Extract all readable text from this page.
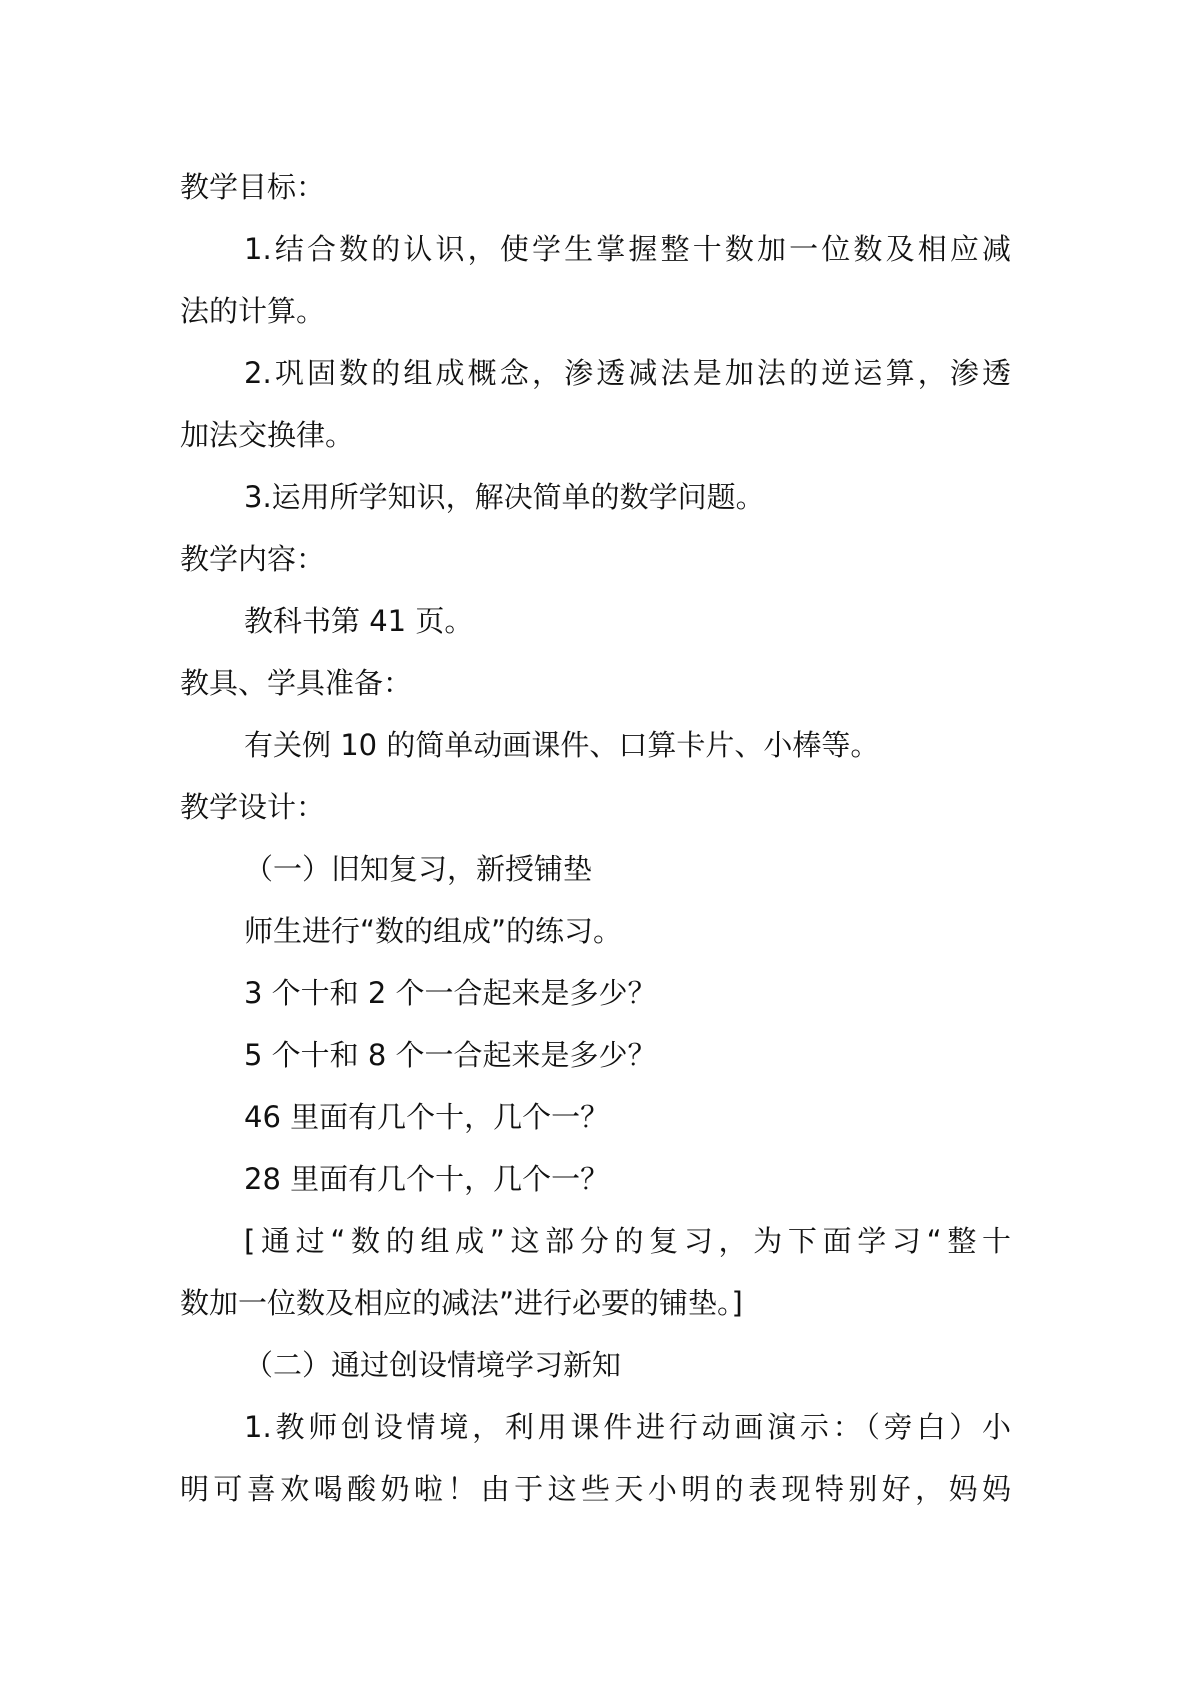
教学目标：
1.结合数的认识，使学生掌握整十数加一位数及相应减
法的计算。
2.巩固数的组成概念，渗透减法是加法的逆运算，渗透
加法交换律。
3.运用所学知识，解决简单的数学问题。
教学内容：
教科书第 41 页。
教具、学具准备：
有关例 10 的简单动画课件、口算卡片、小棒等。
教学设计：
（一）旧知复习，新授铺垫
师生进行“数的组成”的练习。
3 个十和 2 个一合起来是多少？
5 个十和 8 个一合起来是多少？
46 里面有几个十，几个一？
28 里面有几个十，几个一？
[通过“数的组成”这部分的复习，为下面学习“整十
数加一位数及相应的减法”进行必要的铺垫。]
（二）通过创设情境学习新知
1.教师创设情境，利用课件进行动画演示：（旁白）小
明可喜欢喝酸奶啦！由于这些天小明的表现特别好，妈妈
